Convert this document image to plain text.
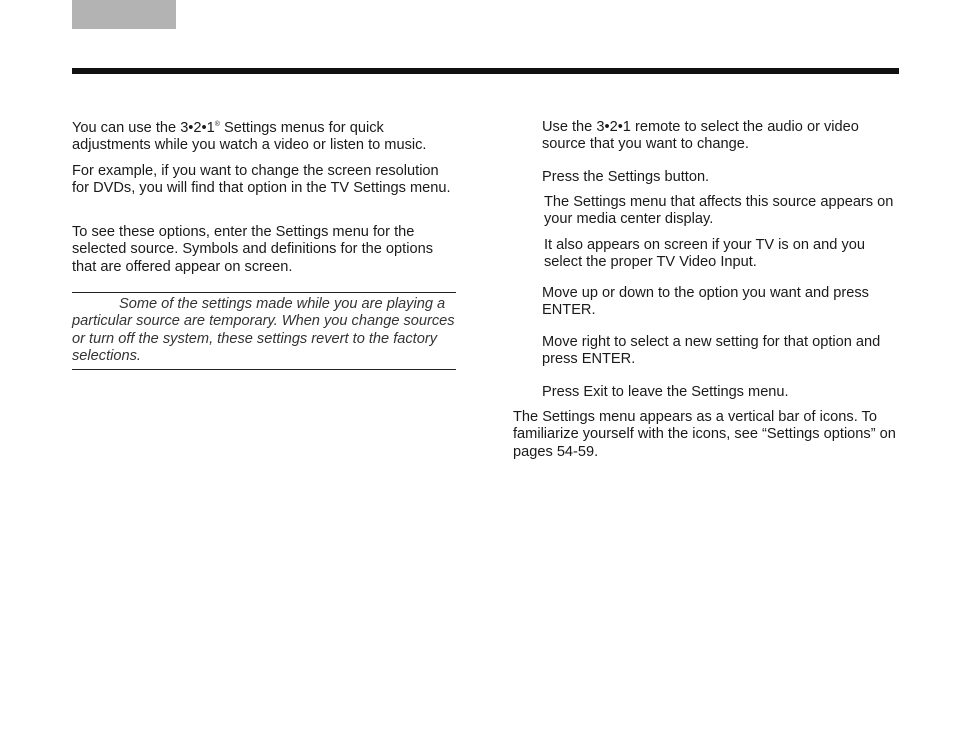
You can use the 3•2•1® Settings menus for quick adjustments while you watch a video or listen to music.

For example, if you want to change the screen resolution for DVDs, you will find that option in the TV Settings menu.

To see these options, enter the Settings menu for the selected source. Symbols and definitions for the options that are offered appear on screen.

Some of the settings made while you are playing a particular source are temporary. When you change sources or turn off the system, these settings revert to the factory selections.

Use the 3•2•1 remote to select the audio or video source that you want to change.

Press the Settings button.

The Settings menu that affects this source appears on your media center display.

It also appears on screen if your TV is on and you select the proper TV Video Input.

Move up or down to the option you want and press ENTER.

Move right to select a new setting for that option and press ENTER.

Press Exit to leave the Settings menu.

The Settings menu appears as a vertical bar of icons. To familiarize yourself with the icons, see “Settings options” on pages 54-59.
